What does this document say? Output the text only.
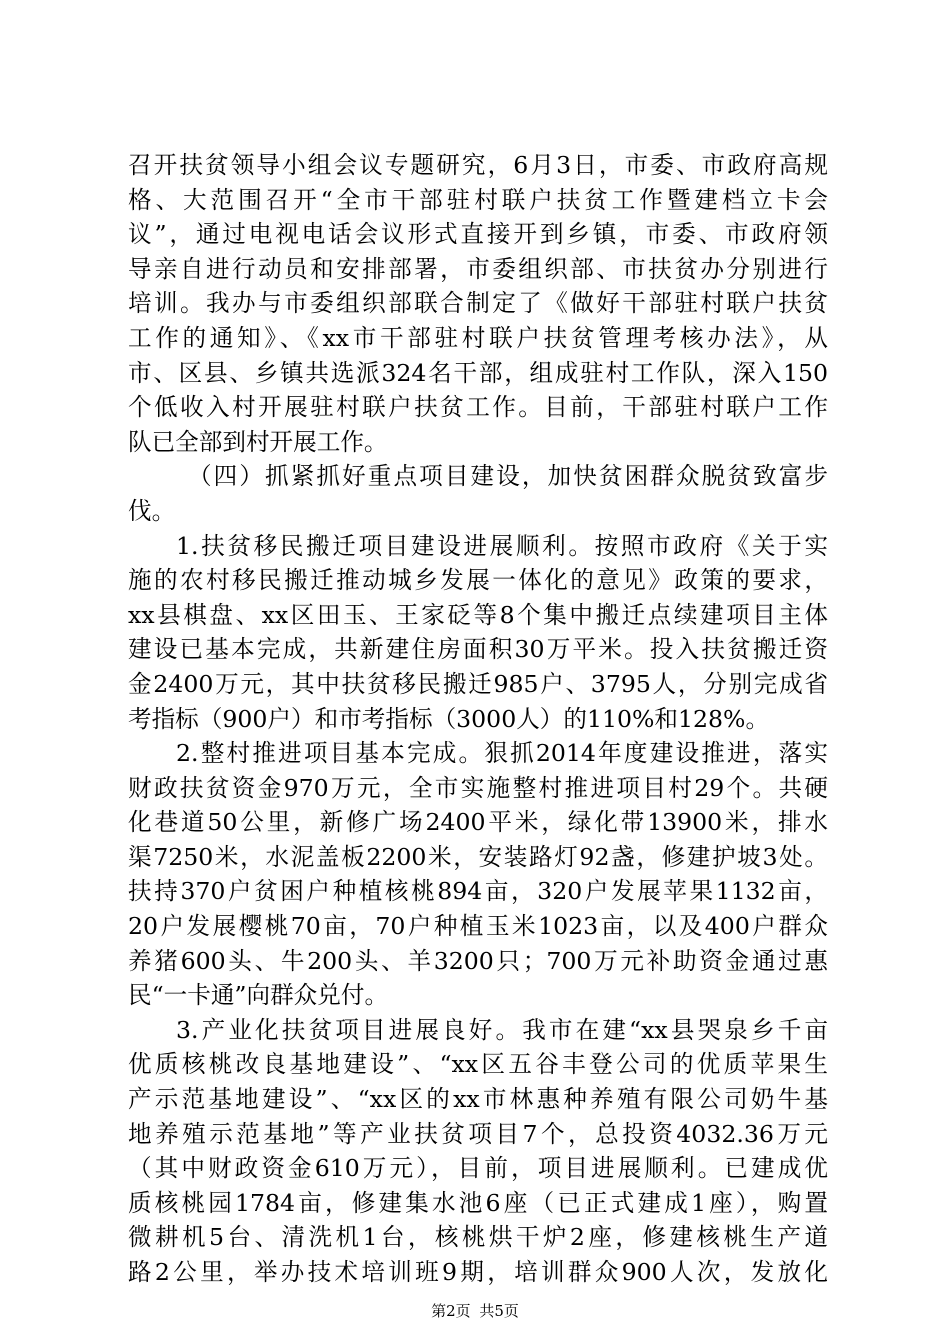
召开扶贫领导小组会议专题研究，6月3日，市委、市政府高规
格、大范围召开“全市干部驻村联户扶贫工作暨建档立卡会
议”，通过电视电话会议形式直接开到乡镇，市委、市政府领
导亲自进行动员和安排部署，市委组织部、市扶贫办分别进行
培训。我办与市委组织部联合制定了《做好干部驻村联户扶贫
工作的通知》、《xx市干部驻村联户扶贫管理考核办法》，从
市、区县、乡镇共选派324名干部，组成驻村工作队，深入150
个低收入村开展驻村联户扶贫工作。目前，干部驻村联户工作
队已全部到村开展工作。
（四）抓紧抓好重点项目建设，加快贫困群众脱贫致富步
伐。
1.扶贫移民搬迁项目建设进展顺利。按照市政府《关于实
施的农村移民搬迁推动城乡发展一体化的意见》政策的要求，
xx县棋盘、xx区田玉、王家砭等8个集中搬迁点续建项目主体
建设已基本完成，共新建住房面积30万平米。投入扶贫搬迁资
金2400万元，其中扶贫移民搬迁985户、3795人，分别完成省
考指标（900户）和市考指标（3000人）的110%和128%。
2.整村推进项目基本完成。狠抓2014年度建设推进，落实
财政扶贫资金970万元，全市实施整村推进项目村29个。共硬
化巷道50公里，新修广场2400平米，绿化带13900米，排水
渠7250米，水泥盖板2200米，安装路灯92盏，修建护坡3处。
扶持370户贫困户种植核桃894亩，320户发展苹果1132亩，
20户发展樱桃70亩，70户种植玉米1023亩，以及400户群众
养猪600头、牛200头、羊3200只；700万元补助资金通过惠
民“一卡通”向群众兑付。
3.产业化扶贫项目进展良好。我市在建“xx县哭泉乡千亩
优质核桃改良基地建设”、“xx区五谷丰登公司的优质苹果生
产示范基地建设”、“xx区的xx市林惠种养殖有限公司奶牛基
地养殖示范基地”等产业扶贫项目7个，总投资4032.36万元
（其中财政资金610万元），目前，项目进展顺利。已建成优
质核桃园1784亩，修建集水池6座（已正式建成1座），购置
微耕机5台、清洗机1台，核桃烘干炉2座，修建核桃生产道
路2公里，举办技术培训班9期，培训群众900人次，发放化
第2页 共5页
